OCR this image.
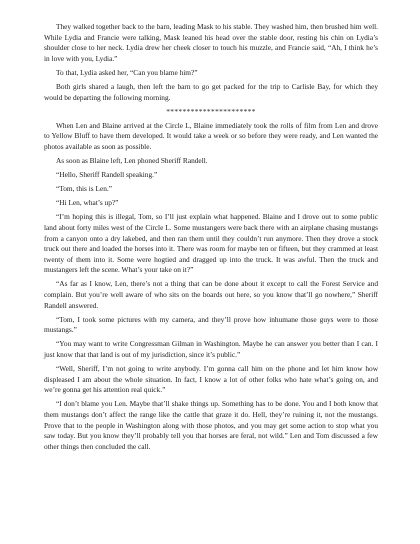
They walked together back to the barn, leading Mask to his stable. They washed him, then brushed him well. While Lydia and Francie were talking, Mask leaned his head over the stable door, resting his chin on Lydia’s shoulder close to her neck. Lydia drew her cheek closer to touch his muzzle, and Francie said, “Ah, I think he’s in love with you, Lydia.”

To that, Lydia asked her, “Can you blame him?”

Both girls shared a laugh, then left the barn to go get packed for the trip to Carlisle Bay, for which they would be departing the following morning.

**********************

When Len and Blaine arrived at the Circle L, Blaine immediately took the rolls of film from Len and drove to Yellow Bluff to have them developed. It would take a week or so before they were ready, and Len wanted the photos available as soon as possible.

As soon as Blaine left, Len phoned Sheriff Randell.

“Hello, Sheriff Randell speaking.”

“Tom, this is Len.”

“Hi Len, what’s up?”

“I’m hoping this is illegal, Tom, so I’ll just explain what happened. Blaine and I drove out to some public land about forty miles west of the Circle L. Some mustangers were back there with an airplane chasing mustangs from a canyon onto a dry lakebed, and then ran them until they couldn’t run anymore. Then they drove a stock truck out there and loaded the horses into it. There was room for maybe ten or fifteen, but they crammed at least twenty of them into it. Some were hogtied and dragged up into the truck. It was awful. Then the truck and mustangers left the scene. What’s your take on it?”

“As far as I know, Len, there’s not a thing that can be done about it except to call the Forest Service and complain. But you’re well aware of who sits on the boards out here, so you know that’ll go nowhere,” Sheriff Randell answered.

“Tom, I took some pictures with my camera, and they’ll prove how inhumane those guys were to those mustangs.”

“You may want to write Congressman Gilman in Washington. Maybe he can answer you better than I can. I just know that that land is out of my jurisdiction, since it’s public.”

“Well, Sheriff, I’m not going to write anybody. I’m gonna call him on the phone and let him know how displeased I am about the whole situation. In fact, I know a lot of other folks who hate what’s going on, and we’re gonna get his attention real quick.”

“I don’t blame you Len. Maybe that’ll shake things up. Something has to be done. You and I both know that them mustangs don’t affect the range like the cattle that graze it do. Hell, they’re ruining it, not the mustangs. Prove that to the people in Washington along with those photos, and you may get some action to stop what you saw today. But you know they’ll probably tell you that horses are feral, not wild.” Len and Tom discussed a few other things then concluded the call.
